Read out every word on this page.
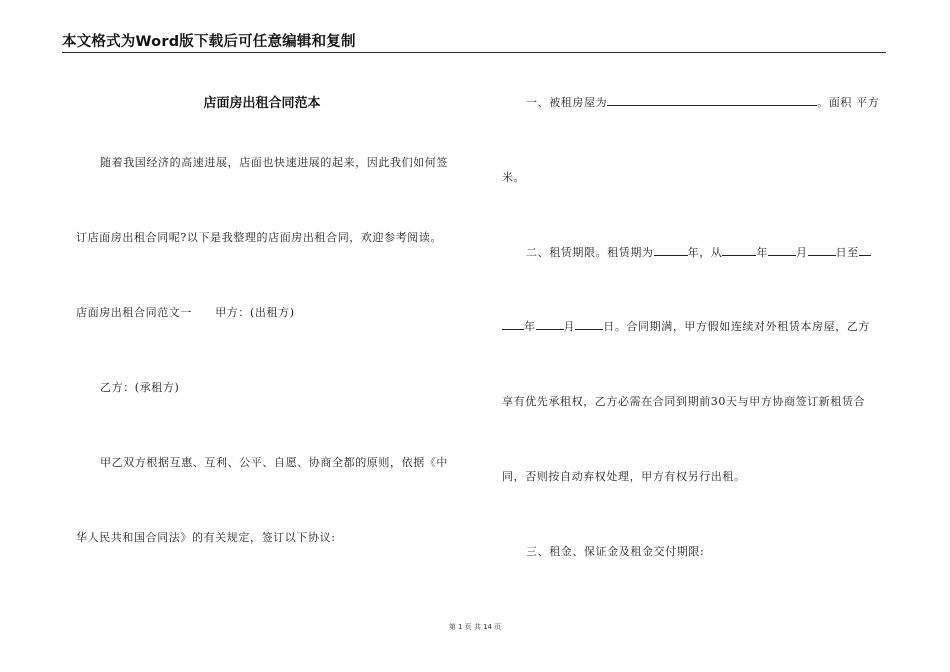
本文格式为Word版下载后可任意编辑和复制
店面房出租合同范本
随着我国经济的高速进展，店面也快速进展的起来，因此我们如何签
订店面房出租合同呢?以下是我整理的店面房出租合同，欢迎参考阅读。
店面房出租合同范文一　　甲方：(出租方)
乙方：(承租方)
甲乙双方根据互惠、互利、公平、自愿、协商全都的原则，依据《中
华人民共和国合同法》的有关规定，签订以下协议:
一、被租房屋为	。面积 平方
米。
二、租赁期限。租赁期为	年，从	年	月	日至
年	月	日。合同期满，甲方假如连续对外租赁本房屋，乙方
享有优先承租权，乙方必需在合同到期前30天与甲方协商签订新租赁合
同，否则按自动弃权处理，甲方有权另行出租。
三、租金、保证金及租金交付期限:
第 1 页 共 14 页
